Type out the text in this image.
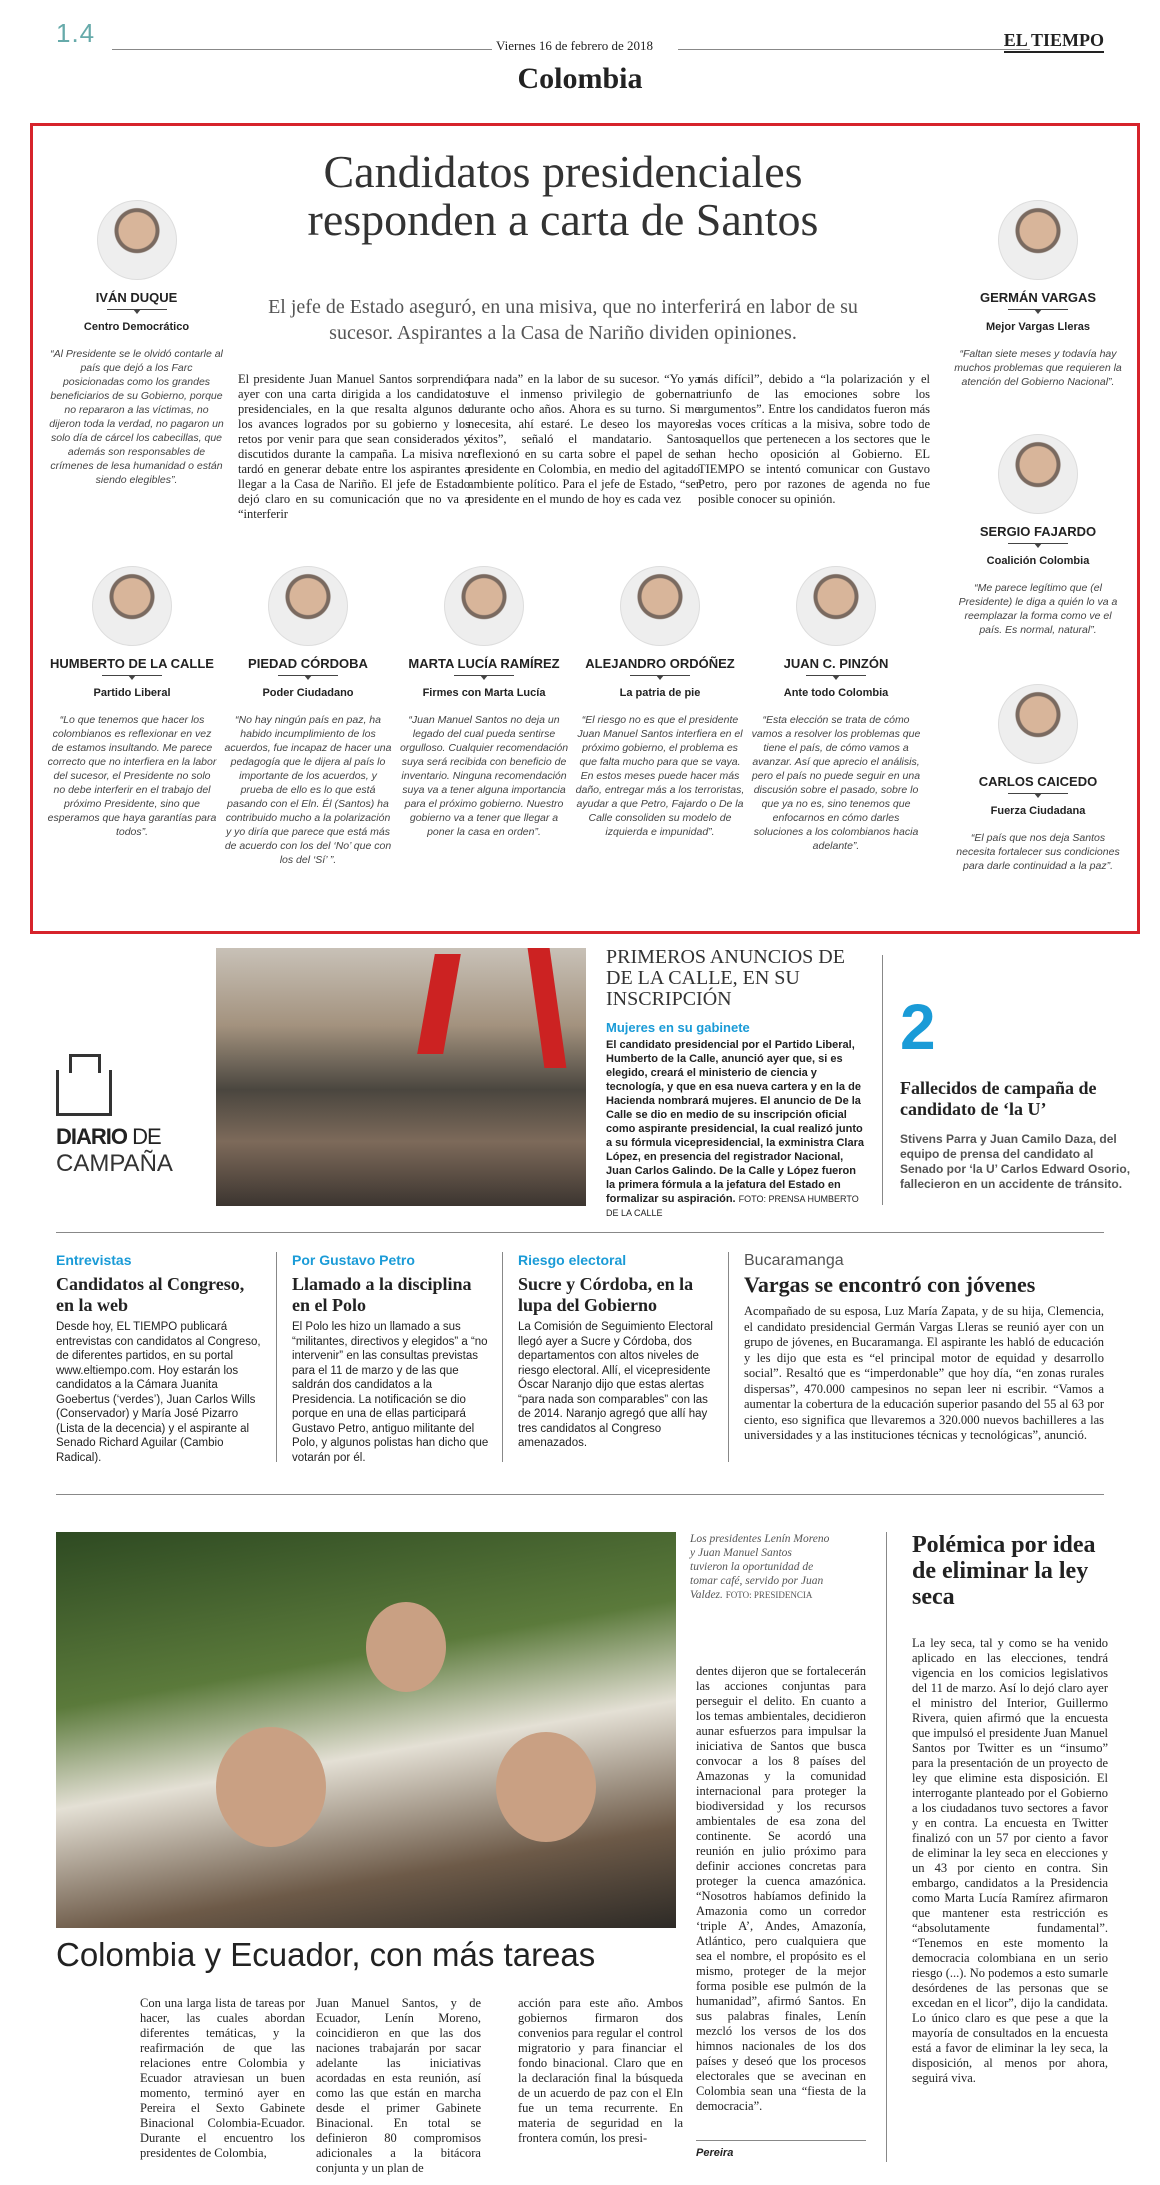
1.4	Viernes 16 de febrero de 2018	EL TIEMPO
Colombia
Candidatos presidenciales
responden a carta de Santos
El jefe de Estado aseguró, en una misiva, que no interferirá en labor de su sucesor. Aspirantes a la Casa de Nariño dividen opiniones.
El presidente Juan Manuel Santos sorprendió ayer con una carta dirigida a los candidatos presidenciales, en la que resalta algunos de los avances logrados por su gobierno y los retos por venir para que sean considerados y discutidos durante la campaña. La misiva no tardó en generar debate entre los aspirantes a llegar a la Casa de Nariño. El jefe de Estado dejó claro en su comunicación que no va a “interferir
para nada” en la labor de su sucesor. “Yo ya tuve el inmenso privilegio de gobernar durante ocho años. Ahora es su turno. Si me necesita, ahí estaré. Le deseo los mayores éxitos”, señaló el mandatario. Santos reflexionó en su carta sobre el papel de ser presidente en Colombia, en medio del agitado ambiente político. Para el jefe de Estado, “ser presidente en el mundo de hoy es cada vez
más difícil”, debido a “la polarización y el triunfo de las emociones sobre los argumentos”. Entre los candidatos fueron más las voces críticas a la misiva, sobre todo de aquellos que pertenecen a los sectores que le han hecho oposición al Gobierno. EL TIEMPO se intentó comunicar con Gustavo Petro, pero por razones de agenda no fue posible conocer su opinión.
IVÁN DUQUE
Centro Democrático
“Al Presidente se le olvidó contarle al país que dejó a los Farc posicionadas como los grandes beneficiarios de su Gobierno, porque no repararon a las víctimas, no dijeron toda la verdad, no pagaron un solo día de cárcel los cabecillas, que además son responsables de crímenes de lesa humanidad o están siendo elegibles”.
GERMÁN VARGAS
Mejor Vargas Lleras
“Faltan siete meses y todavía hay muchos problemas que requieren la atención del Gobierno Nacional”.
SERGIO FAJARDO
Coalición Colombia
“Me parece legítimo que (el Presidente) le diga a quién lo va a reemplazar la forma como ve el país. Es normal, natural”.
CARLOS CAICEDO
Fuerza Ciudadana
“El país que nos deja Santos necesita fortalecer sus condiciones para darle continuidad a la paz”.
HUMBERTO DE LA CALLE
Partido Liberal
“Lo que tenemos que hacer los colombianos es reflexionar en vez de estamos insultando. Me parece correcto que no interfiera en la labor del sucesor, el Presidente no solo no debe interferir en el trabajo del próximo Presidente, sino que esperamos que haya garantías para todos”.
PIEDAD CÓRDOBA
Poder Ciudadano
“No hay ningún país en paz, ha habido incumplimiento de los acuerdos, fue incapaz de hacer una pedagogía que le dijera al país lo importante de los acuerdos, y prueba de ello es lo que está pasando con el Eln. Él (Santos) ha contribuido mucho a la polarización y yo diría que parece que está más de acuerdo con los del ‘No’ que con los del ‘Sí’ ”.
MARTA LUCÍA RAMÍREZ
Firmes con Marta Lucía
“Juan Manuel Santos no deja un legado del cual pueda sentirse orgulloso. Cualquier recomendación suya será recibida con beneficio de inventario. Ninguna recomendación suya va a tener alguna importancia para el próximo gobierno. Nuestro gobierno va a tener que llegar a poner la casa en orden”.
ALEJANDRO ORDÓÑEZ
La patria de pie
“El riesgo no es que el presidente Juan Manuel Santos interfiera en el próximo gobierno, el problema es que falta mucho para que se vaya. En estos meses puede hacer más daño, entregar más a los terroristas, ayudar a que Petro, Fajardo o De la Calle consoliden su modelo de izquierda e impunidad”.
JUAN C. PINZÓN
Ante todo Colombia
“Esta elección se trata de cómo vamos a resolver los problemas que tiene el país, de cómo vamos a avanzar. Así que aprecio el análisis, pero el país no puede seguir en una discusión sobre el pasado, sobre lo que ya no es, sino tenemos que enfocarnos en cómo darles soluciones a los colombianos hacia adelante”.
DIARIO DE
CAMPAÑA
PRIMEROS ANUNCIOS DE DE LA CALLE, EN SU INSCRIPCIÓN
Mujeres en su gabinete
El candidato presidencial por el Partido Liberal, Humberto de la Calle, anunció ayer que, si es elegido, creará el ministerio de ciencia y tecnología, y que en esa nueva cartera y en la de Hacienda nombrará mujeres. El anuncio de De la Calle se dio en medio de su inscripción oficial como aspirante presidencial, la cual realizó junto a su fórmula vicepresidencial, la exministra Clara López, en presencia del registrador Nacional, Juan Carlos Galindo. De la Calle y López fueron la primera fórmula a la jefatura del Estado en formalizar su aspiración. FOTO: PRENSA HUMBERTO DE LA CALLE
2
Fallecidos de campaña de candidato de ‘la U’
Stivens Parra y Juan Camilo Daza, del equipo de prensa del candidato al Senado por ‘la U’ Carlos Edward Osorio, fallecieron en un accidente de tránsito.
Entrevistas
Candidatos al Congreso, en la web
Desde hoy, EL TIEMPO publicará entrevistas con candidatos al Congreso, de diferentes partidos, en su portal www.eltiempo.com. Hoy estarán los candidatos a la Cámara Juanita Goebertus (‘verdes’), Juan Carlos Wills (Conservador) y María José Pizarro (Lista de la decencia) y el aspirante al Senado Richard Aguilar (Cambio Radical).
Por Gustavo Petro
Llamado a la disciplina en el Polo
El Polo les hizo un llamado a sus “militantes, directivos y elegidos” a “no intervenir” en las consultas previstas para el 11 de marzo y de las que saldrán dos candidatos a la Presidencia. La notificación se dio porque en una de ellas participará Gustavo Petro, antiguo militante del Polo, y algunos polistas han dicho que votarán por él.
Riesgo electoral
Sucre y Córdoba, en la lupa del Gobierno
La Comisión de Seguimiento Electoral llegó ayer a Sucre y Córdoba, dos departamentos con altos niveles de riesgo electoral. Allí, el vicepresidente Óscar Naranjo dijo que estas alertas “para nada son comparables” con las de 2014. Naranjo agregó que allí hay tres candidatos al Congreso amenazados.
Bucaramanga
Vargas se encontró con jóvenes
Acompañado de su esposa, Luz María Zapata, y de su hija, Clemencia, el candidato presidencial Germán Vargas Lleras se reunió ayer con un grupo de jóvenes, en Bucaramanga. El aspirante les habló de educación y les dijo que esta es “el principal motor de equidad y desarrollo social”. Resaltó que es “imperdonable” que hoy día, “en zonas rurales dispersas”, 470.000 campesinos no sepan leer ni escribir. “Vamos a aumentar la cobertura de la educación superior pasando del 55 al 63 por ciento, eso significa que llevaremos a 320.000 nuevos bachilleres a las universidades y a las instituciones técnicas y tecnológicas”, anunció.
Los presidentes Lenín Moreno y Juan Manuel Santos tuvieron la oportunidad de tomar café, servido por Juan Valdez. FOTO: PRESIDENCIA
Colombia y Ecuador, con más tareas
Con una larga lista de tareas por hacer, las cuales abordan diferentes temáticas, y la reafirmación de que las relaciones entre Colombia y Ecuador atraviesan un buen momento, terminó ayer en Pereira el Sexto Gabinete Binacional Colombia-Ecuador. Durante el encuentro los presidentes de Colombia,
Juan Manuel Santos, y de Ecuador, Lenín Moreno, coincidieron en que las dos naciones trabajarán por sacar adelante las iniciativas acordadas en esta reunión, así como las que están en marcha desde el primer Gabinete Binacional. En total se definieron 80 compromisos adicionales a la bitácora conjunta y un plan de
acción para este año. Ambos gobiernos firmaron dos convenios para regular el control migratorio y para financiar el fondo binacional. Claro que en la declaración final la búsqueda de un acuerdo de paz con el Eln fue un tema recurrente. En materia de seguridad en la frontera común, los presi-
dentes dijeron que se fortalecerán las acciones conjuntas para perseguir el delito. En cuanto a los temas ambientales, decidieron aunar esfuerzos para impulsar la iniciativa de Santos que busca convocar a los 8 países del Amazonas y la comunidad internacional para proteger la biodiversidad y los recursos ambientales de esa zona del continente. Se acordó una reunión en julio próximo para definir acciones concretas para proteger la cuenca amazónica. “Nosotros habíamos definido la Amazonia como un corredor ‘triple A’, Andes, Amazonía, Atlántico, pero cualquiera que sea el nombre, el propósito es el mismo, proteger de la mejor forma posible ese pulmón de la humanidad”, afirmó Santos. En sus palabras finales, Lenín mezcló los versos de los dos himnos nacionales de los dos países y deseó que los procesos electorales que se avecinan en Colombia sean una “fiesta de la democracia”.
Pereira
Polémica por idea de eliminar la ley seca
La ley seca, tal y como se ha venido aplicado en las elecciones, tendrá vigencia en los comicios legislativos del 11 de marzo. Así lo dejó claro ayer el ministro del Interior, Guillermo Rivera, quien afirmó que la encuesta que impulsó el presidente Juan Manuel Santos por Twitter es un “insumo” para la presentación de un proyecto de ley que elimine esta disposición. El interrogante planteado por el Gobierno a los ciudadanos tuvo sectores a favor y en contra. La encuesta en Twitter finalizó con un 57 por ciento a favor de eliminar la ley seca en elecciones y un 43 por ciento en contra. Sin embargo, candidatos a la Presidencia como Marta Lucía Ramírez afirmaron que mantener esta restricción es “absolutamente fundamental”. “Tenemos en este momento la democracia colombiana en un serio riesgo (...). No podemos a esto sumarle desórdenes de las personas que se excedan en el licor”, dijo la candidata. Lo único claro es que pese a que la mayoría de consultados en la encuesta está a favor de eliminar la ley seca, la disposición, al menos por ahora, seguirá viva.
